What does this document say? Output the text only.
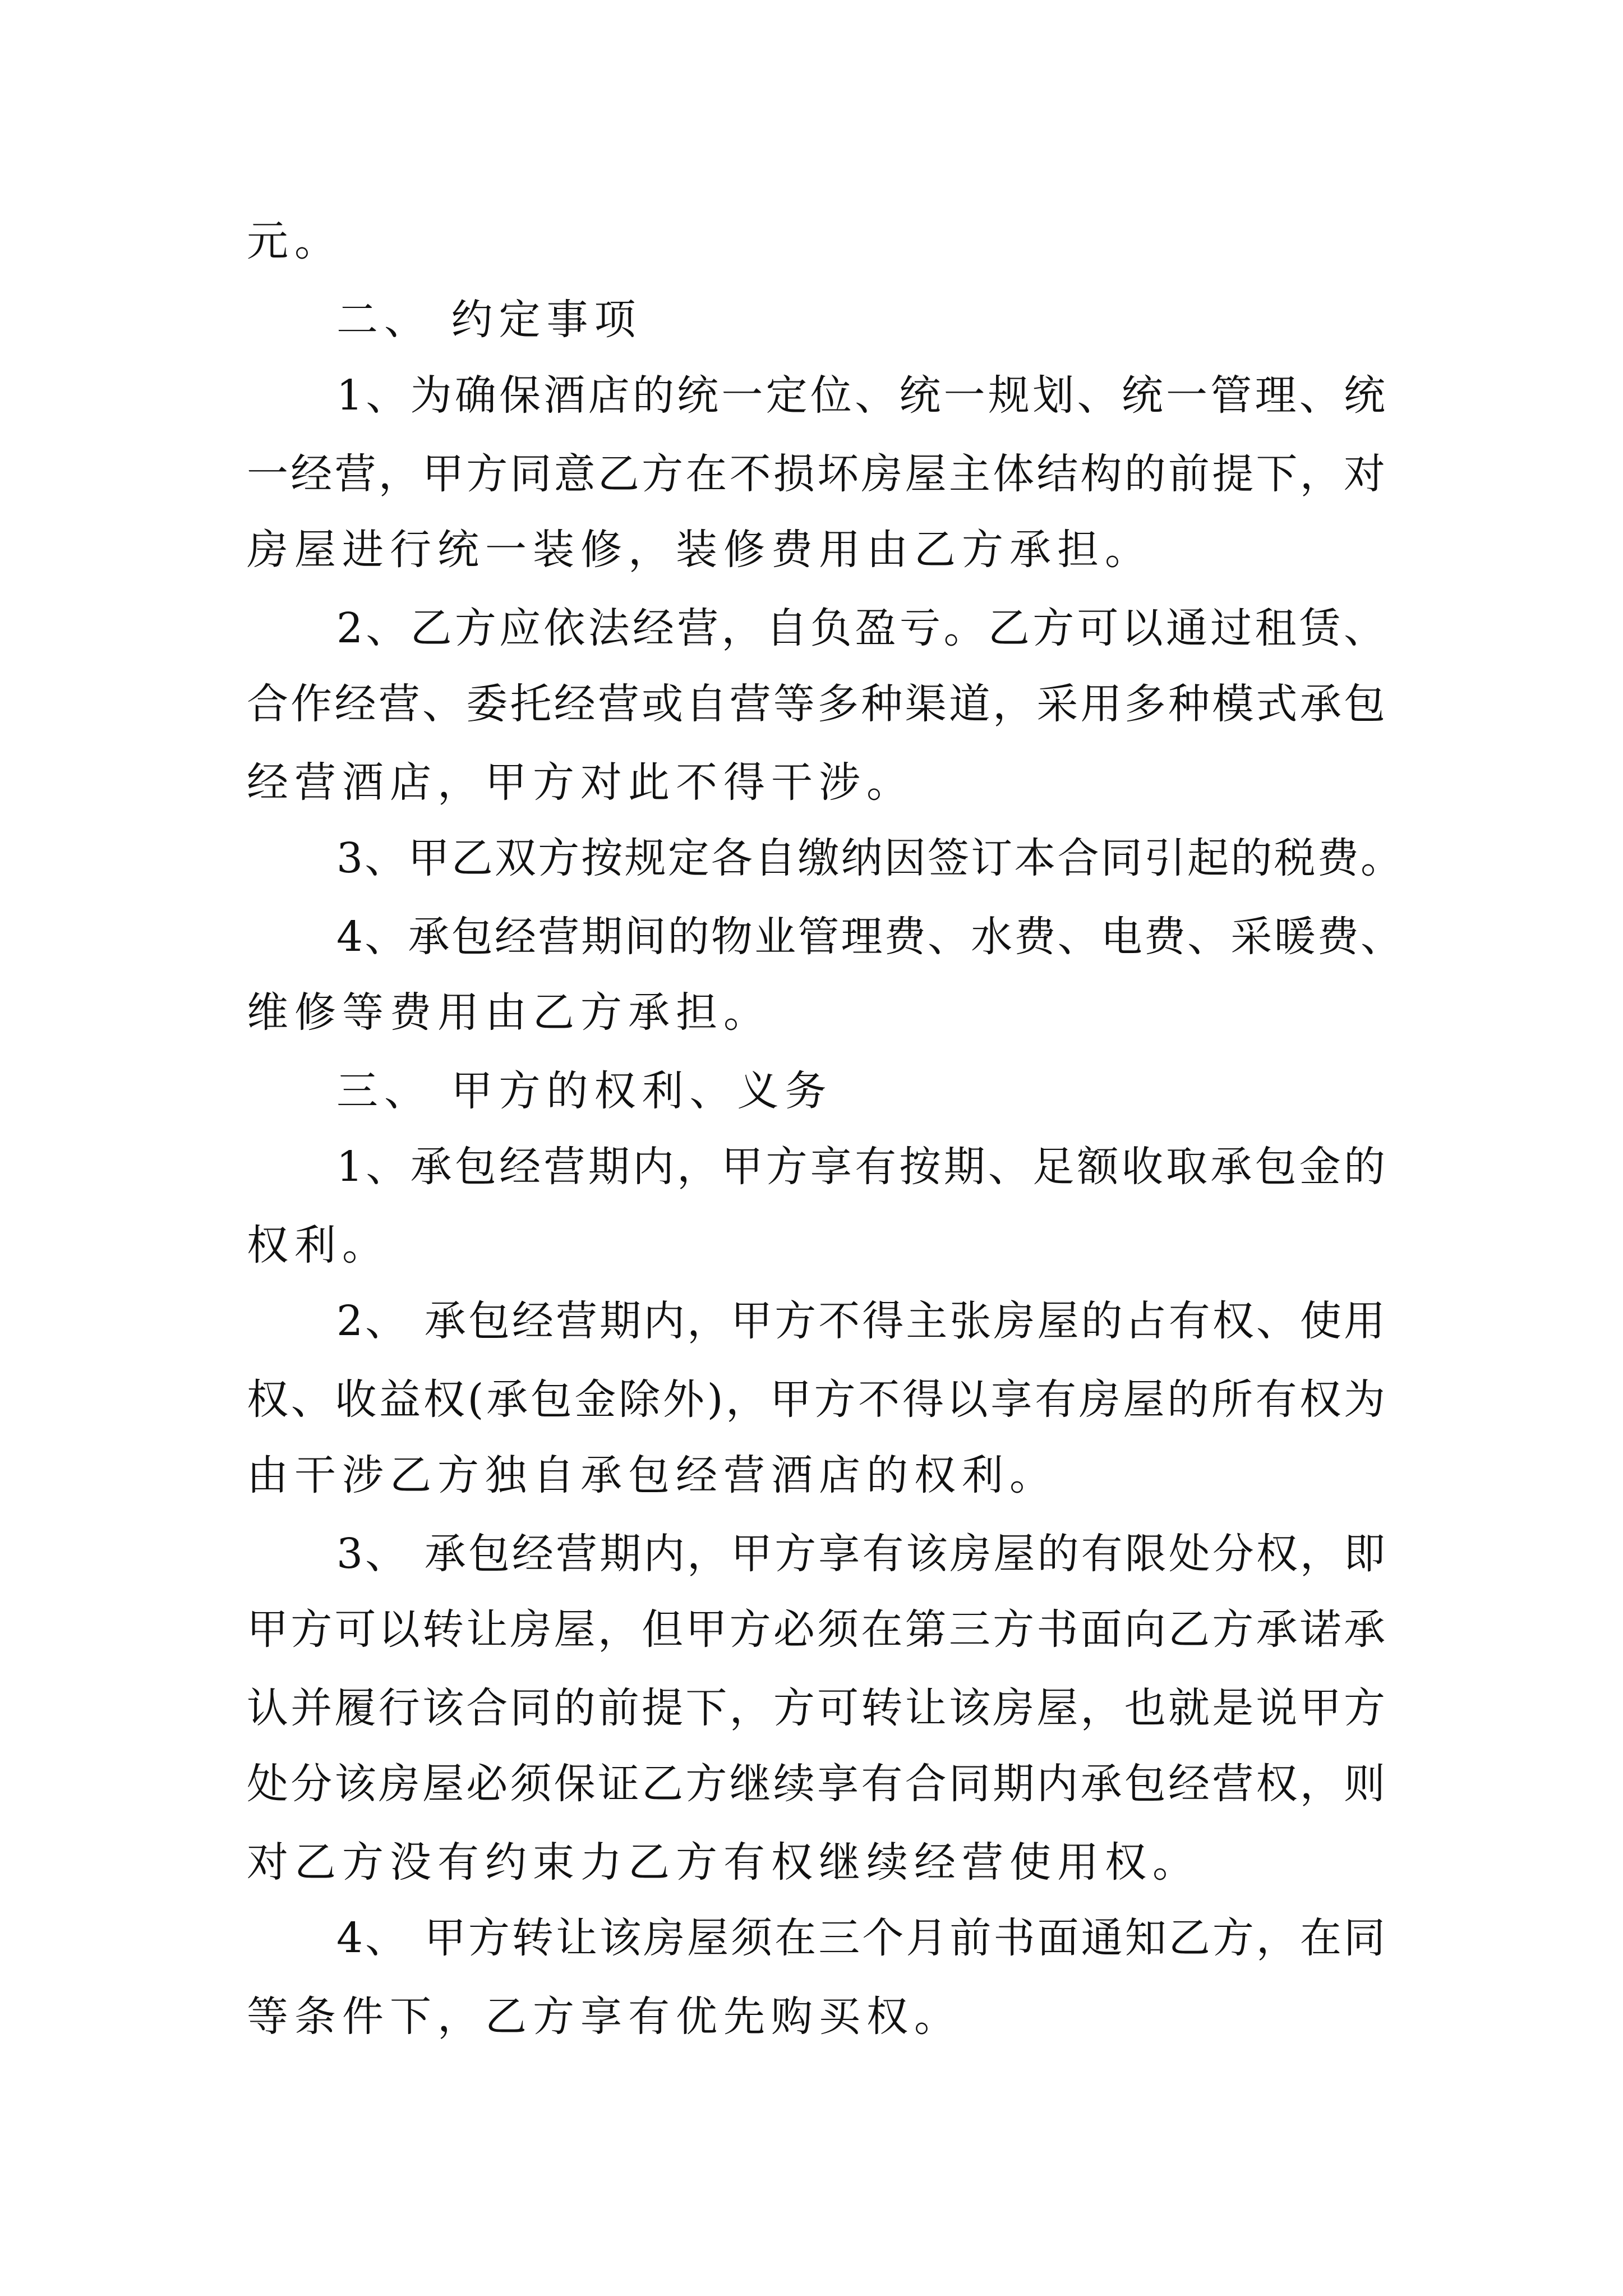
元。
二、 约定事项
1、为确保酒店的统一定位、统一规划、统一管理、统
一经营，甲方同意乙方在不损坏房屋主体结构的前提下，对
房屋进行统一装修，装修费用由乙方承担。
2、乙方应依法经营，自负盈亏。乙方可以通过租赁、
合作经营、委托经营或自营等多种渠道，采用多种模式承包
经营酒店，甲方对此不得干涉。
3、甲乙双方按规定各自缴纳因签订本合同引起的税费。
4、承包经营期间的物业管理费、水费、电费、采暖费、
维修等费用由乙方承担。
三、 甲方的权利、义务
1、承包经营期内，甲方享有按期、足额收取承包金的
权利。
2、 承包经营期内，甲方不得主张房屋的占有权、使用
权、收益权(承包金除外)，甲方不得以享有房屋的所有权为
由干涉乙方独自承包经营酒店的权利。
3、 承包经营期内，甲方享有该房屋的有限处分权，即
甲方可以转让房屋，但甲方必须在第三方书面向乙方承诺承
认并履行该合同的前提下，方可转让该房屋，也就是说甲方
处分该房屋必须保证乙方继续享有合同期内承包经营权，则
对乙方没有约束力乙方有权继续经营使用权。
4、 甲方转让该房屋须在三个月前书面通知乙方，在同
等条件下，乙方享有优先购买权。
